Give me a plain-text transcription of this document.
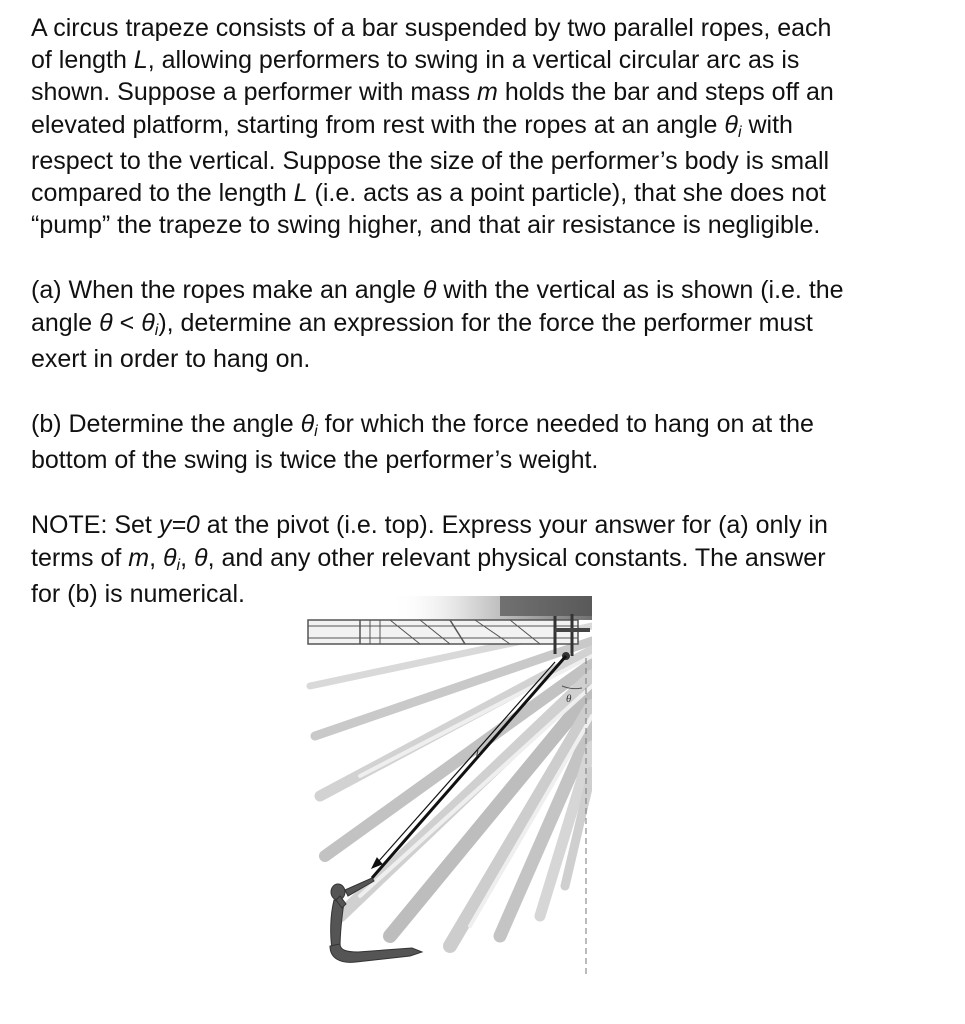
A circus trapeze consists of a bar suspended by two parallel ropes, each
of length L, allowing performers to swing in a vertical circular arc as is
shown. Suppose a performer with mass m holds the bar and steps off an
elevated platform, starting from rest with the ropes at an angle θi with
respect to the vertical. Suppose the size of the performer’s body is small
compared to the length L (i.e. acts as a point particle), that she does not
“pump” the trapeze to swing higher, and that air resistance is negligible.

(a) When the ropes make an angle θ with the vertical as is shown (i.e. the
angle θ < θi), determine an expression for the force the performer must
exert in order to hang on.

(b) Determine the angle θi for which the force needed to hang on at the
bottom of the swing is twice the performer’s weight.

NOTE: Set y=0 at the pivot (i.e. top). Express your answer for (a) only in
terms of m, θi, θ, and any other relevant physical constants. The answer
for (b) is numerical.

L
θ
